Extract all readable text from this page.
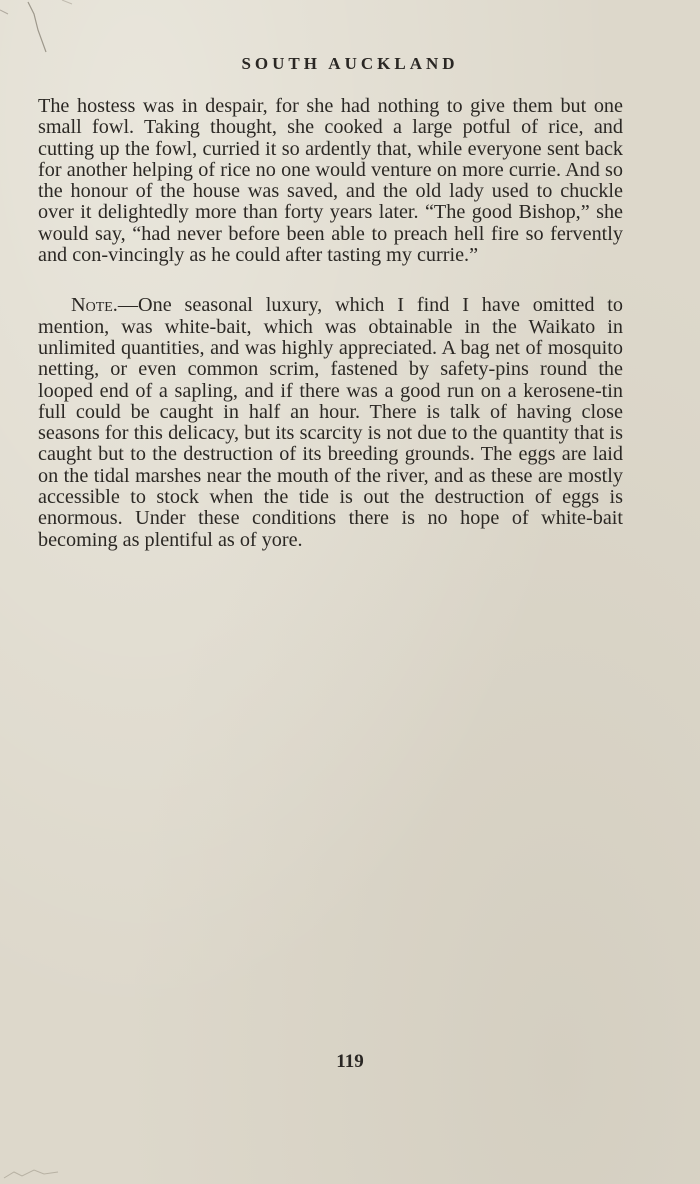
SOUTH AUCKLAND

The hostess was in despair, for she had nothing to give them but one small fowl. Taking thought, she cooked a large potful of rice, and cutting up the fowl, curried it so ardently that, while everyone sent back for another helping of rice no one would venture on more currie. And so the honour of the house was saved, and the old lady used to chuckle over it delightedly more than forty years later. “The good Bishop,” she would say, “had never before been able to preach hell fire so fervently and con-vincingly as he could after tasting my currie.”

Note.—One seasonal luxury, which I find I have omitted to mention, was white-bait, which was obtainable in the Waikato in unlimited quantities, and was highly appreciated. A bag net of mosquito netting, or even common scrim, fastened by safety-pins round the looped end of a sapling, and if there was a good run on a kerosene-tin full could be caught in half an hour. There is talk of having close seasons for this delicacy, but its scarcity is not due to the quantity that is caught but to the destruction of its breeding grounds. The eggs are laid on the tidal marshes near the mouth of the river, and as these are mostly accessible to stock when the tide is out the destruction of eggs is enormous. Under these conditions there is no hope of white-bait becoming as plentiful as of yore.

119
